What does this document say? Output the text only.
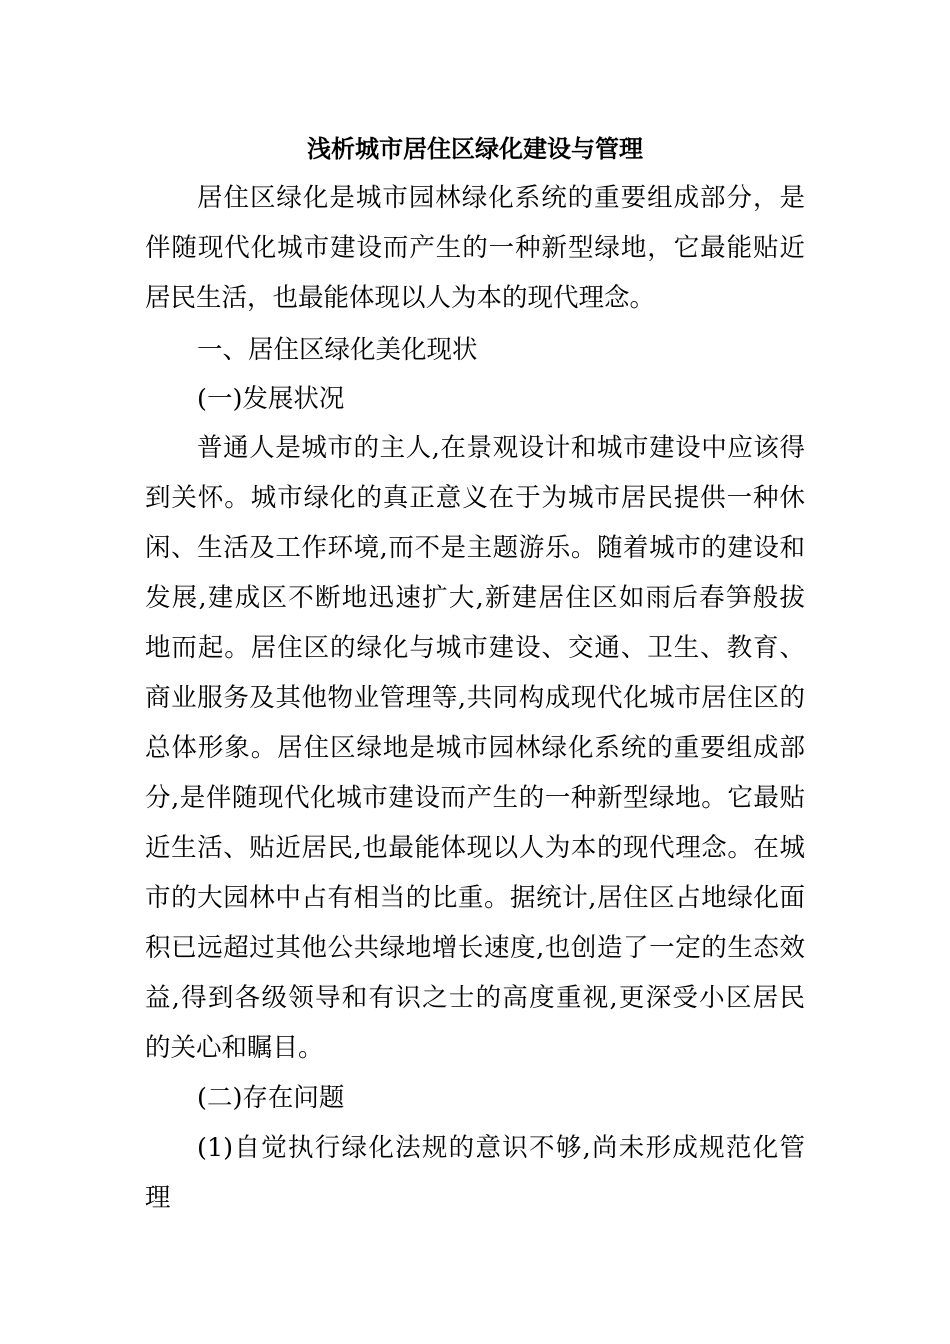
浅析城市居住区绿化建设与管理
居住区绿化是城市园林绿化系统的重要组成部分，是
伴随现代化城市建设而产生的一种新型绿地，它最能贴近
居民生活，也最能体现以人为本的现代理念。
一、居住区绿化美化现状
(一)发展状况
普通人是城市的主人,在景观设计和城市建设中应该得
到关怀。城市绿化的真正意义在于为城市居民提供一种休
闲、生活及工作环境,而不是主题游乐。随着城市的建设和
发展,建成区不断地迅速扩大,新建居住区如雨后春笋般拔
地而起。居住区的绿化与城市建设、交通、卫生、教育、
商业服务及其他物业管理等,共同构成现代化城市居住区的
总体形象。居住区绿地是城市园林绿化系统的重要组成部
分,是伴随现代化城市建设而产生的一种新型绿地。它最贴
近生活、贴近居民,也最能体现以人为本的现代理念。在城
市的大园林中占有相当的比重。据统计,居住区占地绿化面
积已远超过其他公共绿地增长速度,也创造了一定的生态效
益,得到各级领导和有识之士的高度重视,更深受小区居民
的关心和瞩目。
(二)存在问题
(1)自觉执行绿化法规的意识不够,尚未形成规范化管
理
